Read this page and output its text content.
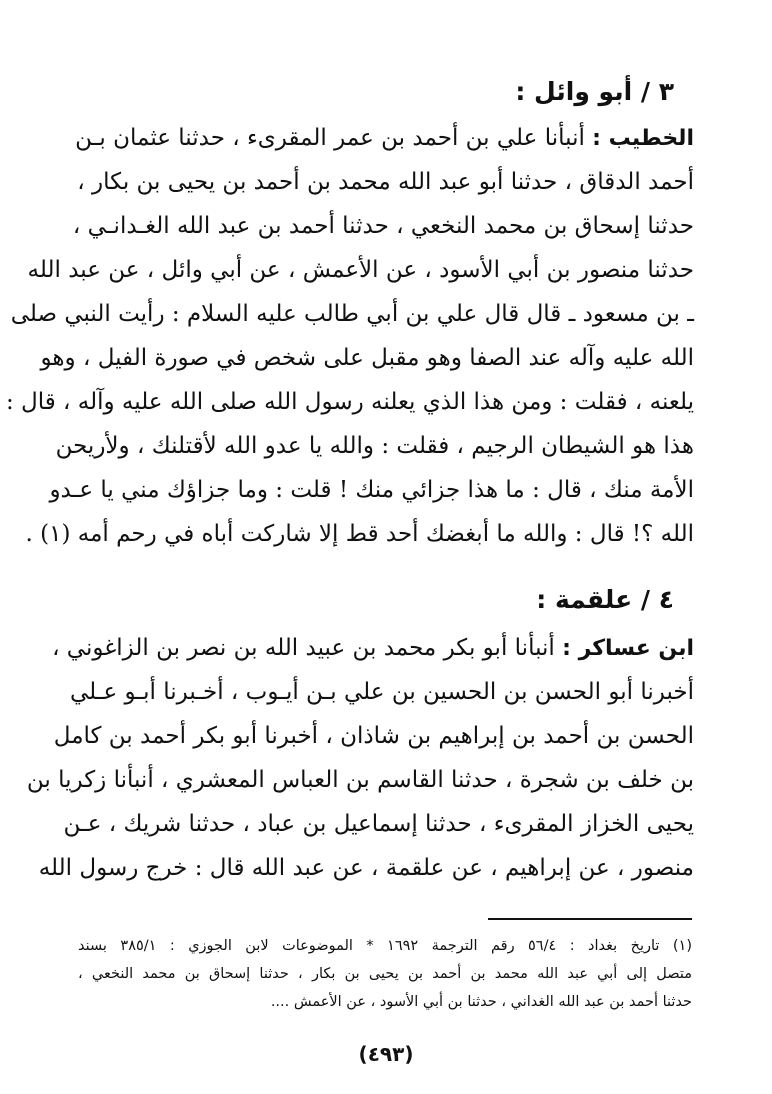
٣ / أبو وائل :
الخطيب : أنبأنا علي بن أحمد بن عمر المقرىء ، حدثنا عثمان بـن
أحمد الدقاق ، حدثنا أبو عبد الله محمد بن أحمد بن يحيى بن بكار ،
حدثنا إسحاق بن محمد النخعي ، حدثنا أحمد بن عبد الله الغـدانـي ،
حدثنا منصور بن أبي الأسود ، عن الأعمش ، عن أبي وائل ، عن عبد الله
ـ بن مسعود ـ قال قال علي بن أبي طالب عليه السلام : رأيت النبي صلى
الله عليه وآله عند الصفا وهو مقبل على شخص في صورة الفيل ، وهو
يلعنه ، فقلت : ومن هذا الذي يعلنه رسول الله صلى الله عليه وآله ، قال :
هذا هو الشيطان الرجيم ، فقلت : والله يا عدو الله لأقتلنك ، ولأريحن
الأمة منك ، قال : ما هذا جزائي منك ! قلت : وما جزاؤك مني يا عـدو
الله ؟! قال : والله ما أبغضك أحد قط إلا شاركت أباه في رحم أمه (١) .
٤ / علقمة :
ابن عساكر : أنبأنا أبو بكر محمد بن عبيد الله بن نصر بن الزاغوني ،
أخبرنا أبو الحسن بن الحسين بن علي بـن أيـوب ، أخـبرنا أبـو عـلي
الحسن بن أحمد بن إبراهيم بن شاذان ، أخبرنا أبو بكر أحمد بن كامل
بن خلف بن شجرة ، حدثنا القاسم بن العباس المعشري ، أنبأنا زكريا بن
يحيى الخزاز المقرىء ، حدثنا إسماعيل بن عباد ، حدثنا شريك ، عـن
منصور ، عن إبراهيم ، عن علقمة ، عن عبد الله قال : خرج رسول الله
(١) تاريخ بغداد : ٥٦/٤ رقم الترجمة ١٦٩٢ * الموضوعات لابن الجوزي : ٣٨٥/١ بسند
متصل إلى أبي عبد الله محمد بن أحمد بن يحيى بن بكار ، حدثنا إسحاق بن محمد النخعي ،
حدثنا أحمد بن عبد الله الغداني ، حدثنا بن أبي الأسود ، عن الأعمش ....
(٤٩٣)
